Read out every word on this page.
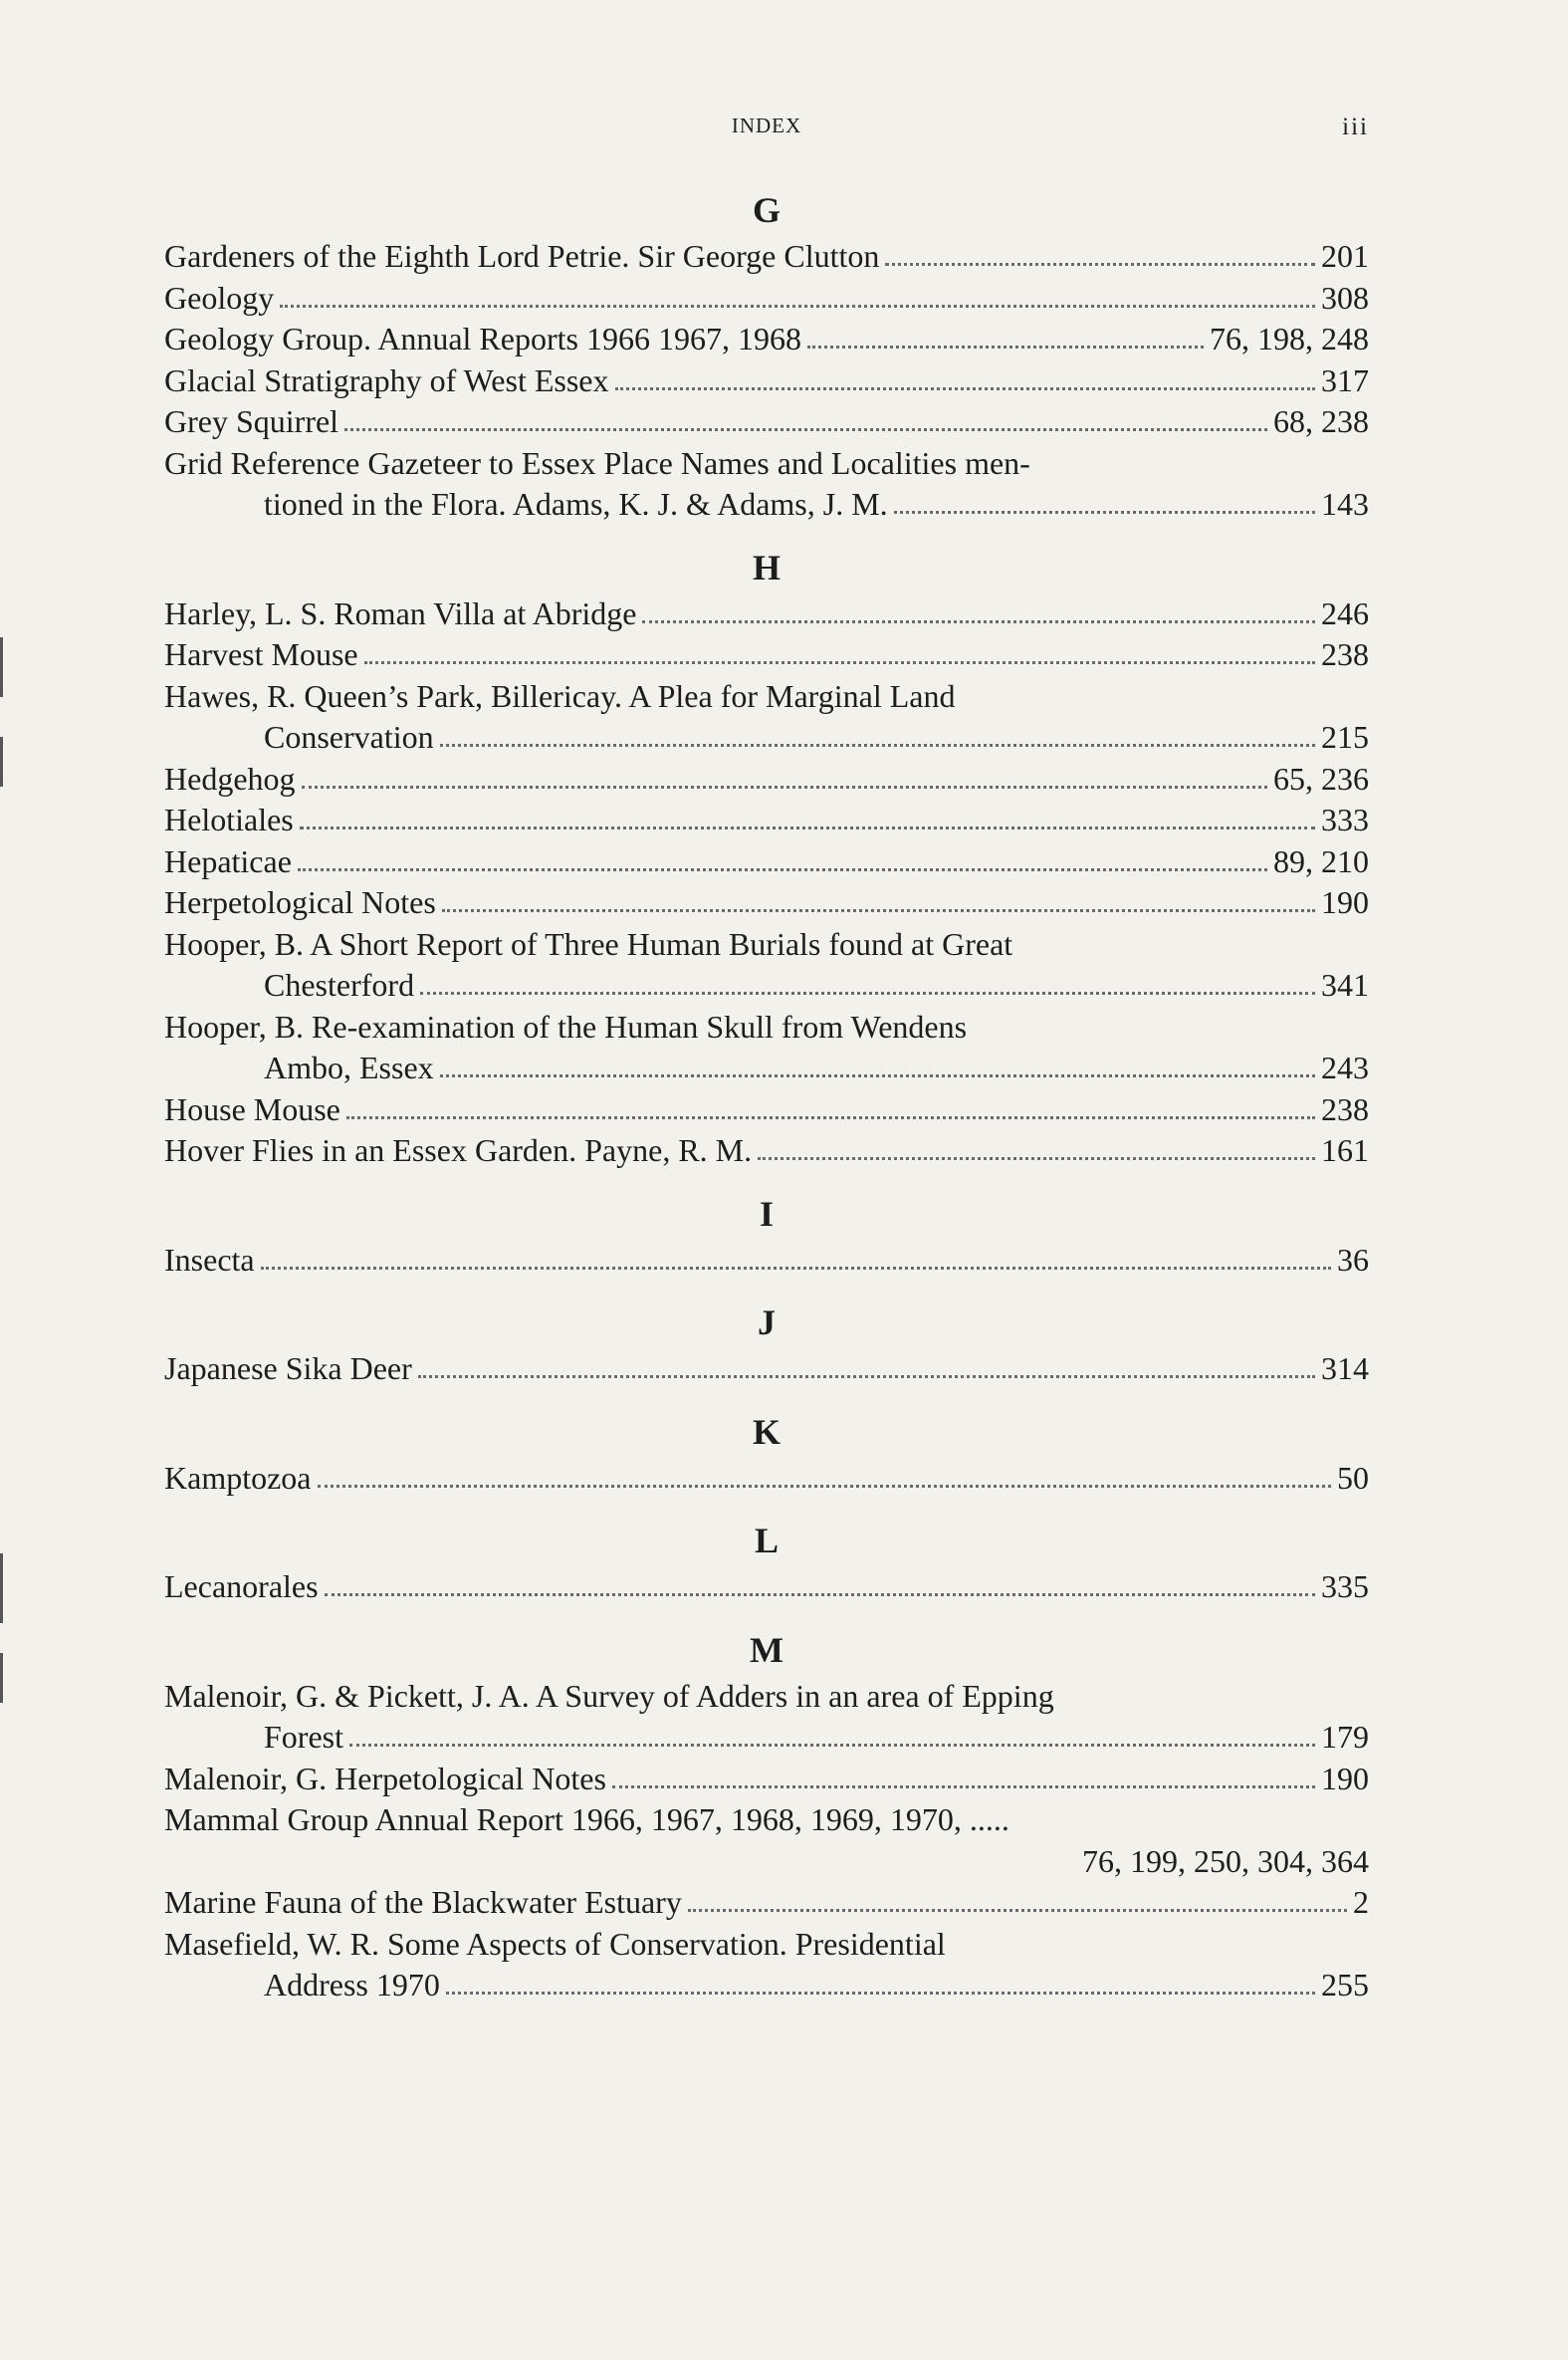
INDEX	iii
G
Gardeners of the Eighth Lord Petrie. Sir George Clutton	201
Geology	308
Geology Group. Annual Reports 1966 1967, 1968	76, 198, 248
Glacial Stratigraphy of West Essex	317
Grey Squirrel	68, 238
Grid Reference Gazeteer to Essex Place Names and Localities men-
tioned in the Flora. Adams, K. J. & Adams, J. M.	143
H
Harley, L. S. Roman Villa at Abridge	246
Harvest Mouse	238
Hawes, R. Queen’s Park, Billericay. A Plea for Marginal Land
Conservation	215
Hedgehog	65, 236
Helotiales	333
Hepaticae	89, 210
Herpetological Notes	190
Hooper, B. A Short Report of Three Human Burials found at Great
Chesterford	341
Hooper, B. Re-examination of the Human Skull from Wendens
Ambo, Essex	243
House Mouse	238
Hover Flies in an Essex Garden. Payne, R. M.	161
I
Insecta	36
J
Japanese Sika Deer	314
K
Kamptozoa	50
L
Lecanorales	335
M
Malenoir, G. & Pickett, J. A. A Survey of Adders in an area of Epping
Forest	179
Malenoir, G. Herpetological Notes	190
Mammal Group Annual Report 1966, 1967, 1968, 1969, 1970, .....
76, 199, 250, 304, 364
Marine Fauna of the Blackwater Estuary	2
Masefield, W. R. Some Aspects of Conservation. Presidential
Address 1970	255
